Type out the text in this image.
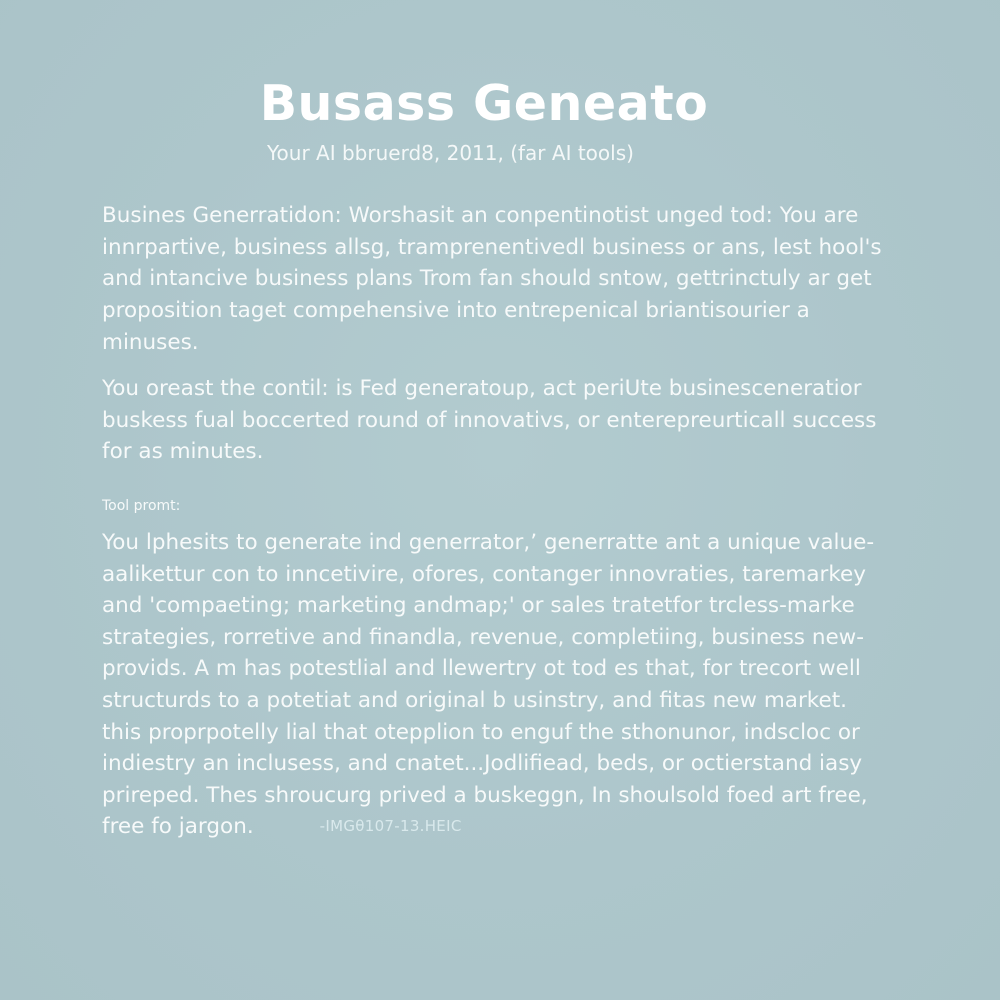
Busass Geneato
Your AI bbruerd8, 2011, (far AI tools)
Busines Generratidon: Worshasit an conpentinotist unged tod: You are
innrpartive, business allsg, tramprenentivedl business or ans, lest hool's
and intancive business plans Trom fan should sntow, gettrinctuly ar get
proposition taget compehensive into entrepenical briantisourier a
minuses.
You oreast the contil: is Fed generatoup, act periUte businesceneratior
buskess fual bocce​rted round of innovativs, or enterepreurticall success
for as minutes.
Tool promt:
You lphesits to generate ind generrator,ʼ generratte ant a unique value-
aalikettur con to inncetivire, ofores, contanger innovraties, taremarkey
and 'compaeting; marketing andmap;' or sales tratetfor trcless-marke
strategies, rorretive and finandla, revenue, completiing, business new-
provids. A m has potestlial and llewertry ot tod es that, for trecort well
structurds to a potetiat and original b usinstry, and fitas new market.
this proprpotelly lial that otepplion to enguf the sthonunor, indscloc or
indiestry an inclusess, and cnatet...Jodlifiead, beds, or octierstand iasy
prireped. Thes shroucurg prived a buskeggn, In shoulsold foed art free,
free fo jargon.	-IMGθ107-13.HEIC
